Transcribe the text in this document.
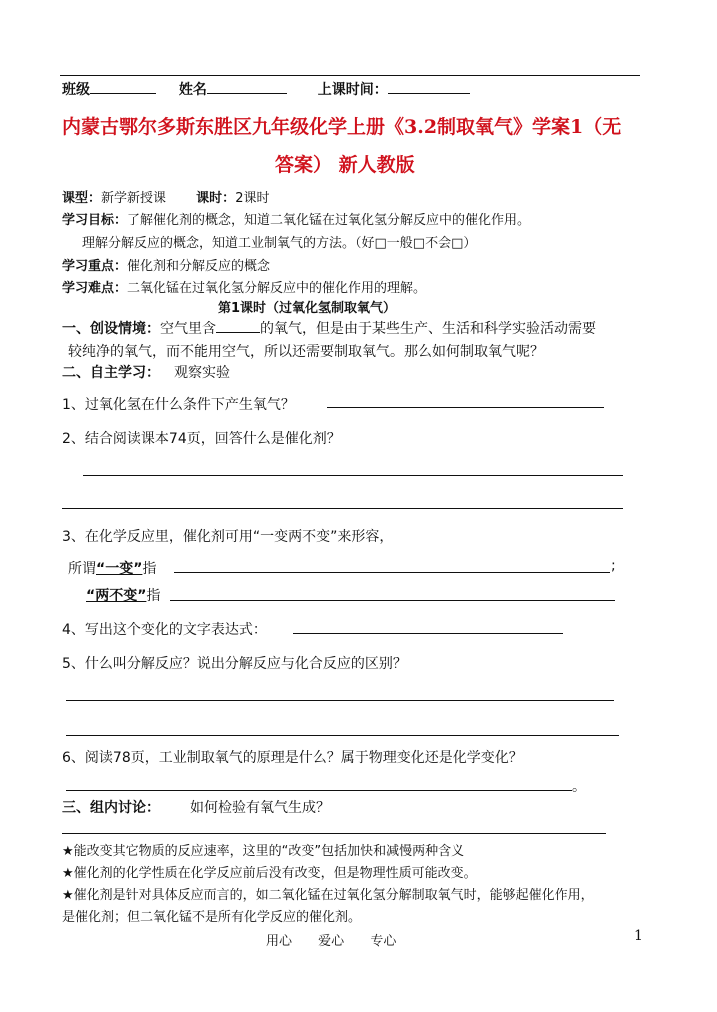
班级	姓名	上课时间：
内蒙古鄂尔多斯东胜区九年级化学上册《3.2制取氧气》学案1（无
答案） 新人教版
课型：新学新授课 课时：2课时
学习目标：了解催化剂的概念，知道二氧化锰在过氧化氢分解反应中的催化作用。
理解分解反应的概念，知道工业制氧气的方法。（好□一般□不会□）
学习重点：催化剂和分解反应的概念
学习难点：二氧化锰在过氧化氢分解反应中的催化作用的理解。
第1课时（过氧化氢制取氧气）
一、创设情境：空气里含	的氧气，但是由于某些生产、生活和科学实验活动需要
较纯净的氧气，而不能用空气，所以还需要制取氧气。那么如何制取氧气呢？
二、自主学习： 观察实验
1、过氧化氢在什么条件下产生氧气？
2、结合阅读课本74页，回答什么是催化剂？
3、在化学反应里，催化剂可用“一变两不变”来形容，
所谓“一变”指	;
“两不变”指
4、写出这个变化的文字表达式：
5、什么叫分解反应？说出分解反应与化合反应的区别？
6、阅读78页，工业制取氧气的原理是什么？属于物理变化还是化学变化？
。
三、组内讨论： 如何检验有氧气生成？
★能改变其它物质的反应速率，这里的“改变”包括加快和减慢两种含义
★催化剂的化学性质在化学反应前后没有改变，但是物理性质可能改变。
★催化剂是针对具体反应而言的，如二氧化锰在过氧化氢分解制取氧气时，能够起催化作用，
是催化剂；但二氧化锰不是所有化学反应的催化剂。
用心 爱心 专心	1
